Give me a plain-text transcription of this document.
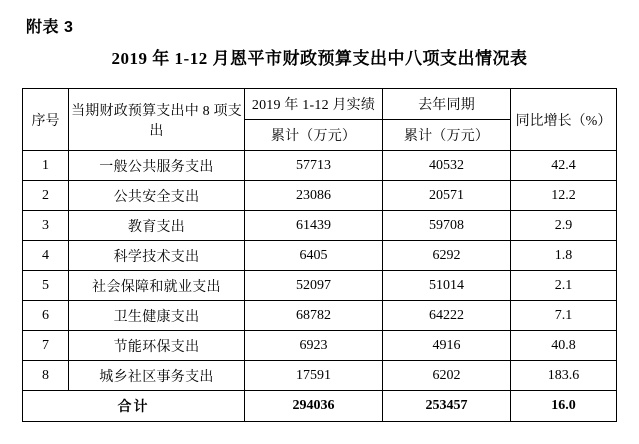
附表 3
2019 年 1-12 月恩平市财政预算支出中八项支出情况表
序号	当期财政预算支出中 8 项支出	2019 年 1-12 月实绩	去年同期	同比增长（%）
		累计（万元）	累计（万元）	
1	一般公共服务支出	57713	40532	42.4
2	公共安全支出	23086	20571	12.2
3	教育支出	61439	59708	2.9
4	科学技术支出	6405	6292	1.8
5	社会保障和就业支出	52097	51014	2.1
6	卫生健康支出	68782	64222	7.1
7	节能环保支出	6923	4916	40.8
8	城乡社区事务支出	17591	6202	183.6
合计		294036	253457	16.0
